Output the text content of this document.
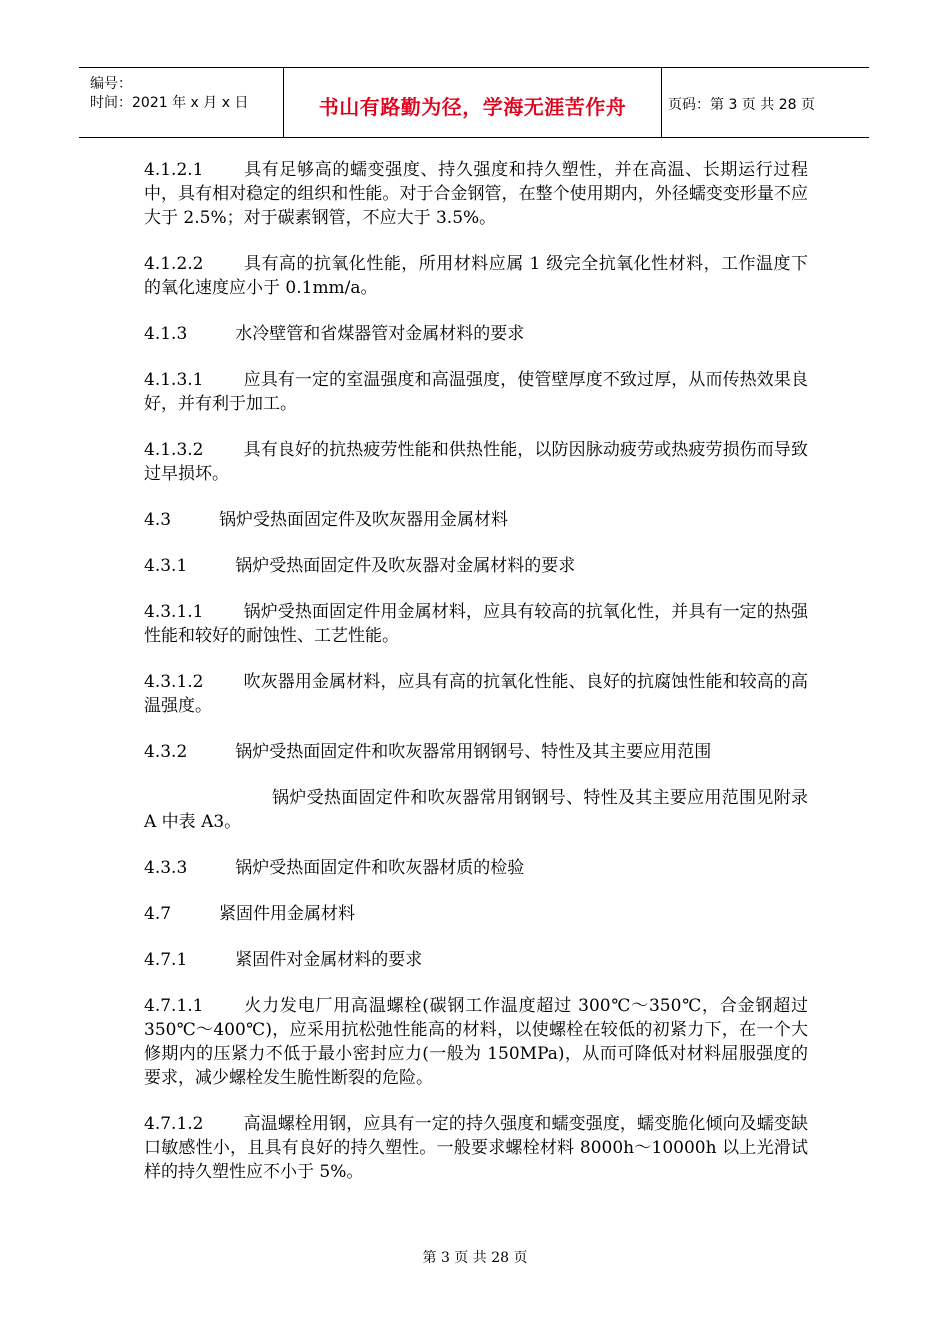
编号：
时间：2021 年 x 月 x 日	书山有路勤为径，学海无涯苦作舟	页码：第 3 页 共 28 页

4.1.2.1 具有足够高的蠕变强度、持久强度和持久塑性，并在高温、长期运行过程中，具有相对稳定的组织和性能。对于合金钢管，在整个使用期内，外径蠕变变形量不应大于 2.5%；对于碳素钢管，不应大于 3.5%。

4.1.2.2 具有高的抗氧化性能，所用材料应属 1 级完全抗氧化性材料，工作温度下的氧化速度应小于 0.1mm/a。

4.1.3	水冷壁管和省煤器管对金属材料的要求

4.1.3.1 应具有一定的室温强度和高温强度，使管壁厚度不致过厚，从而传热效果良好，并有利于加工。

4.1.3.2 具有良好的抗热疲劳性能和供热性能，以防因脉动疲劳或热疲劳损伤而导致过早损坏。

4.3	锅炉受热面固定件及吹灰器用金属材料

4.3.1	锅炉受热面固定件及吹灰器对金属材料的要求

4.3.1.1 锅炉受热面固定件用金属材料，应具有较高的抗氧化性，并具有一定的热强性能和较好的耐蚀性、工艺性能。

4.3.1.2 吹灰器用金属材料，应具有高的抗氧化性能、良好的抗腐蚀性能和较高的高温强度。

4.3.2	锅炉受热面固定件和吹灰器常用钢钢号、特性及其主要应用范围

锅炉受热面固定件和吹灰器常用钢钢号、特性及其主要应用范围见附录 A 中表 A3。

4.3.3	锅炉受热面固定件和吹灰器材质的检验

4.7	紧固件用金属材料

4.7.1	紧固件对金属材料的要求

4.7.1.1 火力发电厂用高温螺栓(碳钢工作温度超过 300℃～350℃，合金钢超过 350℃～400℃)，应采用抗松弛性能高的材料，以使螺栓在较低的初紧力下，在一个大修期内的压紧力不低于最小密封应力(一般为 150MPa)，从而可降低对材料屈服强度的要求，减少螺栓发生脆性断裂的危险。

4.7.1.2 高温螺栓用钢，应具有一定的持久强度和蠕变强度，蠕变脆化倾向及蠕变缺口敏感性小，且具有良好的持久塑性。一般要求螺栓材料 8000h～10000h 以上光滑试样的持久塑性应不小于 5%。

第 3 页 共 28 页
